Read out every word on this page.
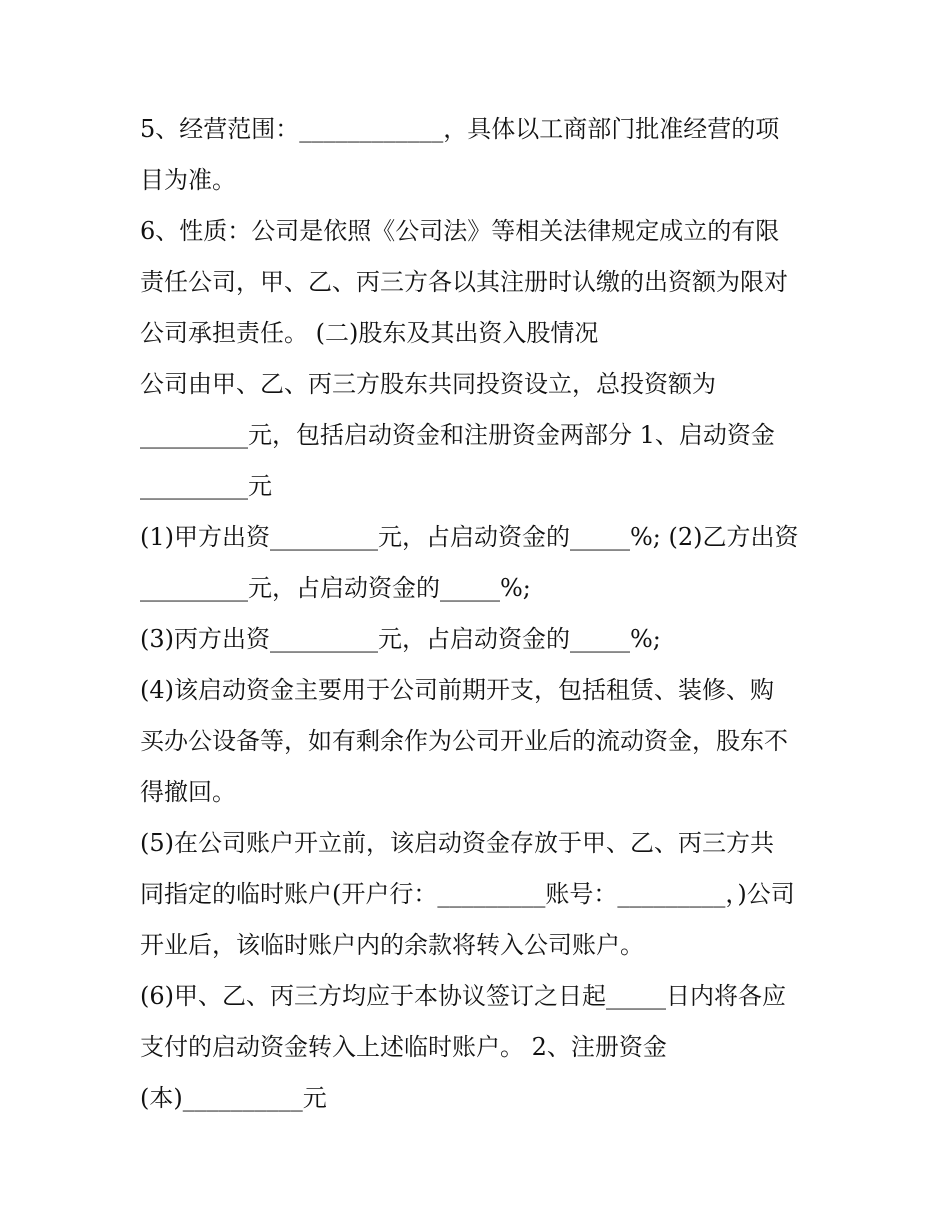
5、经营范围：____________，具体以工商部门批准经营的项
目为准。
6、性质：公司是依照《公司法》等相关法律规定成立的有限
责任公司，甲、乙、丙三方各以其注册时认缴的出资额为限对
公司承担责任。 (二)股东及其出资入股情况
公司由甲、乙、丙三方股东共同投资设立，总投资额为
_________元，包括启动资金和注册资金两部分 1、启动资金
_________元
(1)甲方出资_________元，占启动资金的_____%; (2)乙方出资
_________元，占启动资金的_____%;
(3)丙方出资_________元，占启动资金的_____%;
(4)该启动资金主要用于公司前期开支，包括租赁、装修、购
买办公设备等，如有剩余作为公司开业后的流动资金，股东不
得撤回。
(5)在公司账户开立前，该启动资金存放于甲、乙、丙三方共
同指定的临时账户(开户行：_________账号：_________，)公司
开业后，该临时账户内的余款将转入公司账户。
(6)甲、乙、丙三方均应于本协议签订之日起_____日内将各应
支付的启动资金转入上述临时账户。 2、注册资金
(本)__________元
